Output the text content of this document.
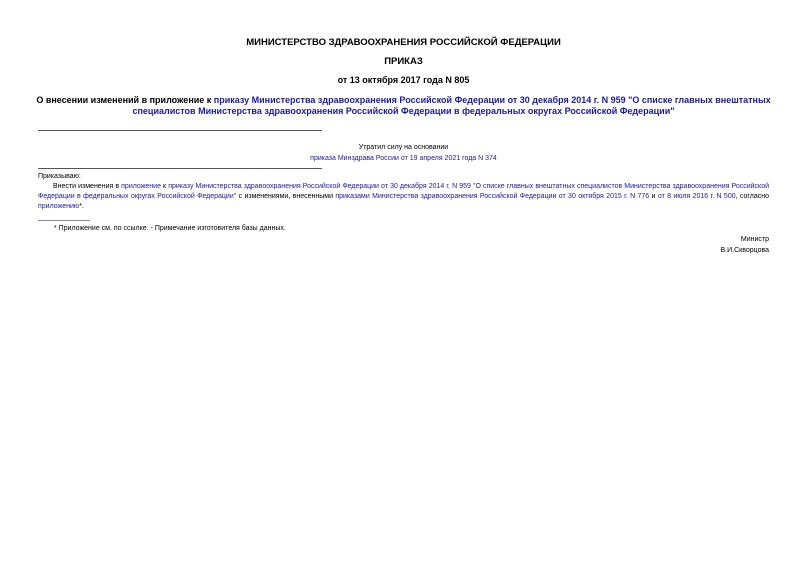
МИНИСТЕРСТВО ЗДРАВООХРАНЕНИЯ РОССИЙСКОЙ ФЕДЕРАЦИИ
ПРИКАЗ
от 13 октября 2017 года N 805
О внесении изменений в приложение к приказу Министерства здравоохранения Российской Федерации от 30 декабря 2014 г. N 959 "О списке главных внештатных специалистов Министерства здравоохранения Российской Федерации в федеральных округах Российской Федерации"
Утратил силу на основании
приказа Минздрава России от 19 апреля 2021 года N 374
Приказываю:
Внести изменения в приложение к приказу Министерства здравоохранения Российской Федерации от 30 декабря 2014 г. N 959 "О списке главных внештатных специалистов Министерства здравоохранения Российской Федерации в федеральных округах Российской Федерации" с изменениями, внесенными приказами Министерства здравоохранения Российской Федерации от 30 октября 2015 г. N 776 и от 8 июля 2016 г. N 500, согласно приложению*.
* Приложение см. по ссылке. - Примечание изготовителя базы данных.
Министр
В.И.Скворцова
